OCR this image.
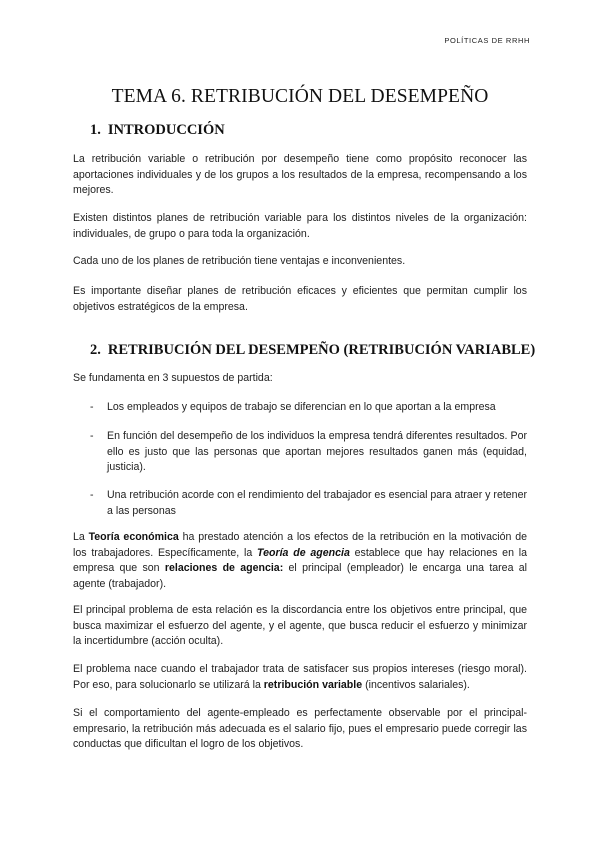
POLÍTICAS DE RRHH
TEMA 6. RETRIBUCIÓN DEL DESEMPEÑO
1. INTRODUCCIÓN
La retribución variable o retribución por desempeño tiene como propósito reconocer las aportaciones individuales y de los grupos a los resultados de la empresa, recompensando a los mejores.
Existen distintos planes de retribución variable para los distintos niveles de la organización: individuales, de grupo o para toda la organización.
Cada uno de los planes de retribución tiene ventajas e inconvenientes.
Es importante diseñar planes de retribución eficaces y eficientes que permitan cumplir los objetivos estratégicos de la empresa.
2. RETRIBUCIÓN DEL DESEMPEÑO (RETRIBUCIÓN VARIABLE)
Se fundamenta en 3 supuestos de partida:
- Los empleados y equipos de trabajo se diferencian en lo que aportan a la empresa
- En función del desempeño de los individuos la empresa tendrá diferentes resultados. Por ello es justo que las personas que aportan mejores resultados ganen más (equidad, justicia).
- Una retribución acorde con el rendimiento del trabajador es esencial para atraer y retener a las personas
La Teoría económica ha prestado atención a los efectos de la retribución en la motivación de los trabajadores. Específicamente, la Teoría de agencia establece que hay relaciones en la empresa que son relaciones de agencia: el principal (empleador) le encarga una tarea al agente (trabajador).
El principal problema de esta relación es la discordancia entre los objetivos entre principal, que busca maximizar el esfuerzo del agente, y el agente, que busca reducir el esfuerzo y minimizar la incertidumbre (acción oculta).
El problema nace cuando el trabajador trata de satisfacer sus propios intereses (riesgo moral). Por eso, para solucionarlo se utilizará la retribución variable (incentivos salariales).
Si el comportamiento del agente-empleado es perfectamente observable por el principal-empresario, la retribución más adecuada es el salario fijo, pues el empresario puede corregir las conductas que dificultan el logro de los objetivos.
